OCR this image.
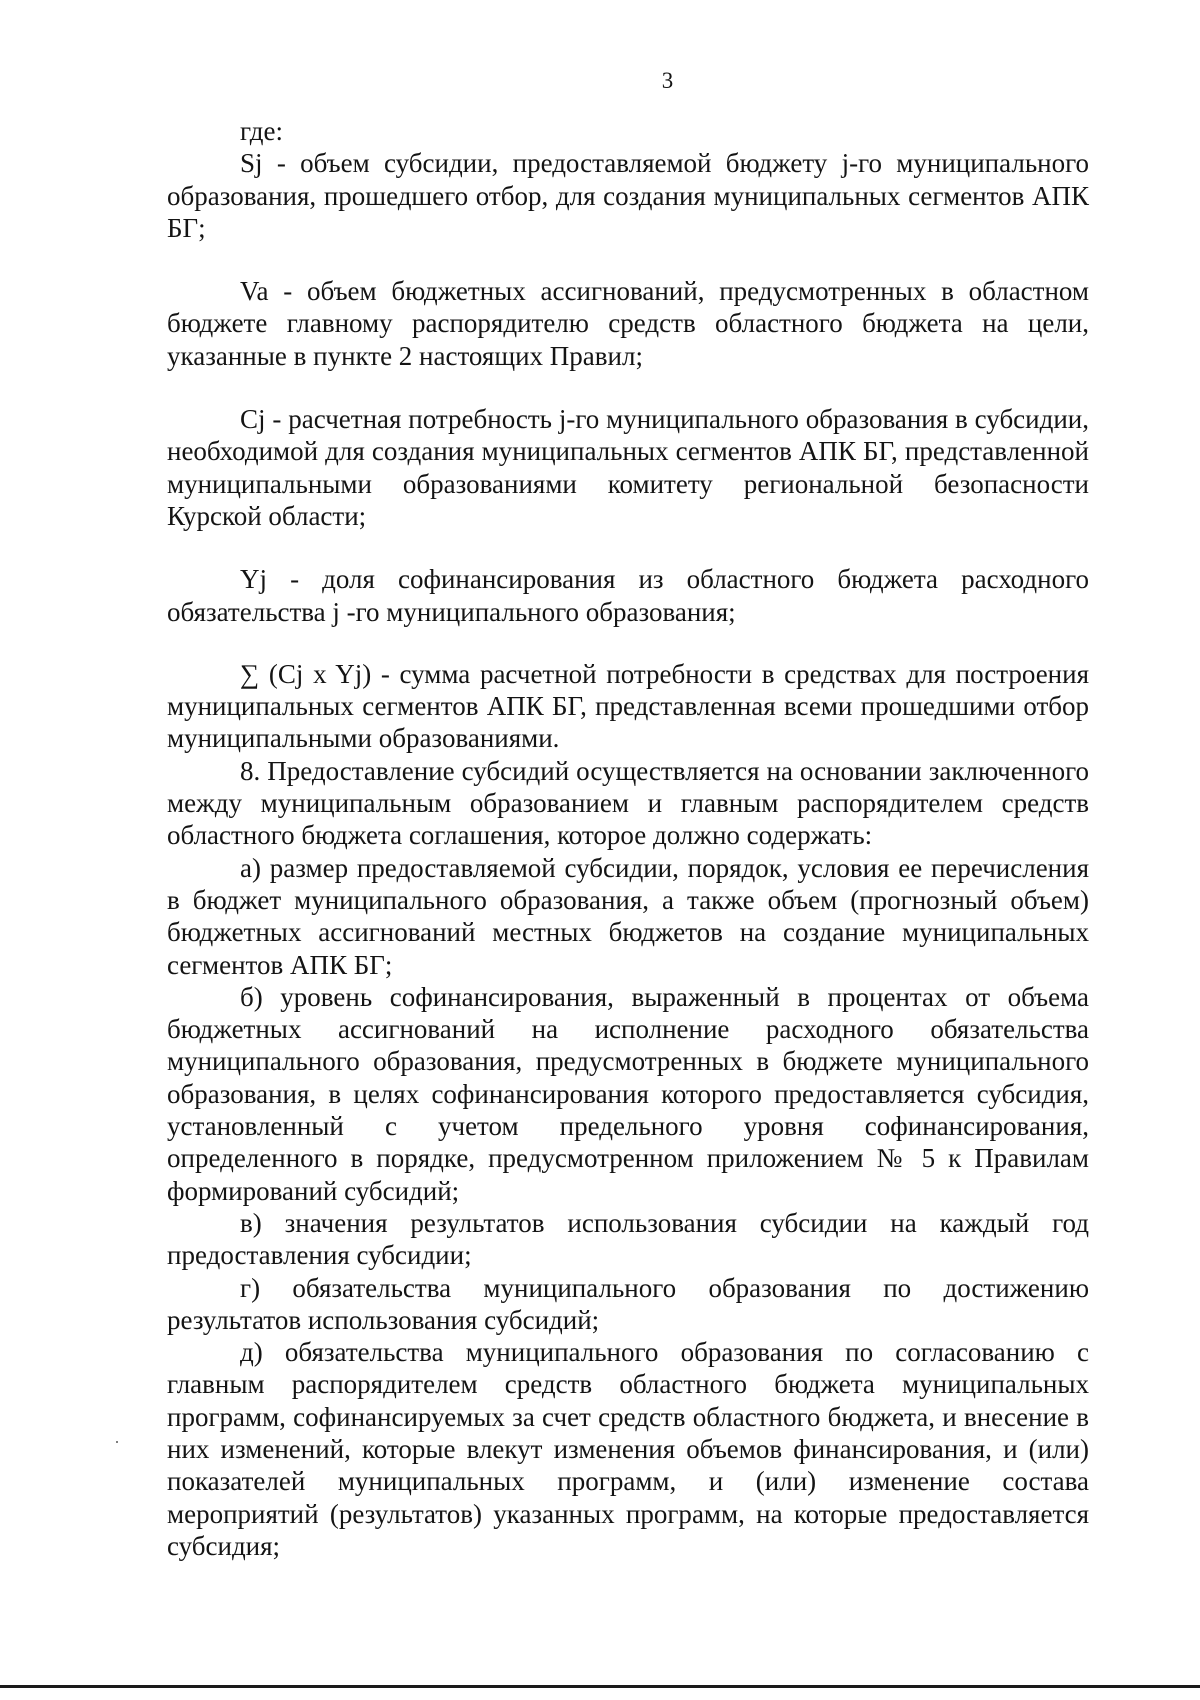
3

где:

Sj - объем субсидии, предоставляемой бюджету j-го муниципального образования, прошедшего отбор, для создания муниципальных сегментов АПК БГ;

Va - объем бюджетных ассигнований, предусмотренных в областном бюджете главному распорядителю средств областного бюджета на цели, указанные в пункте 2 настоящих Правил;

Cj - расчетная потребность j-го муниципального образования в субсидии, необходимой для создания муниципальных сегментов АПК БГ, представленной муниципальными образованиями комитету региональной безопасности Курской области;

Yj - доля софинансирования из областного бюджета расходного обязательства j -го муниципального образования;

∑ (Cj x Yj) - сумма расчетной потребности в средствах для построения муниципальных сегментов АПК БГ, представленная всеми прошедшими отбор муниципальными образованиями.

8. Предоставление субсидий осуществляется на основании заключенного между муниципальным образованием и главным распорядителем средств областного бюджета соглашения, которое должно содержать:

а) размер предоставляемой субсидии, порядок, условия ее перечисления в бюджет муниципального образования, а также объем (прогнозный объем) бюджетных ассигнований местных бюджетов на создание муниципальных сегментов АПК БГ;

б) уровень софинансирования, выраженный в процентах от объема бюджетных ассигнований на исполнение расходного обязательства муниципального образования, предусмотренных в бюджете муниципального образования, в целях софинансирования которого предоставляется субсидия, установленный с учетом предельного уровня софинансирования, определенного в порядке, предусмотренном приложением № 5 к Правилам формирований субсидий;

в) значения результатов использования субсидии на каждый год предоставления субсидии;

г) обязательства муниципального образования по достижению результатов использования субсидий;

д) обязательства муниципального образования по согласованию с главным распорядителем средств областного бюджета муниципальных программ, софинансируемых за счет средств областного бюджета, и внесение в них изменений, которые влекут изменения объемов финансирования, и (или) показателей муниципальных программ, и (или) изменение состава мероприятий (результатов) указанных программ, на которые предоставляется субсидия;
